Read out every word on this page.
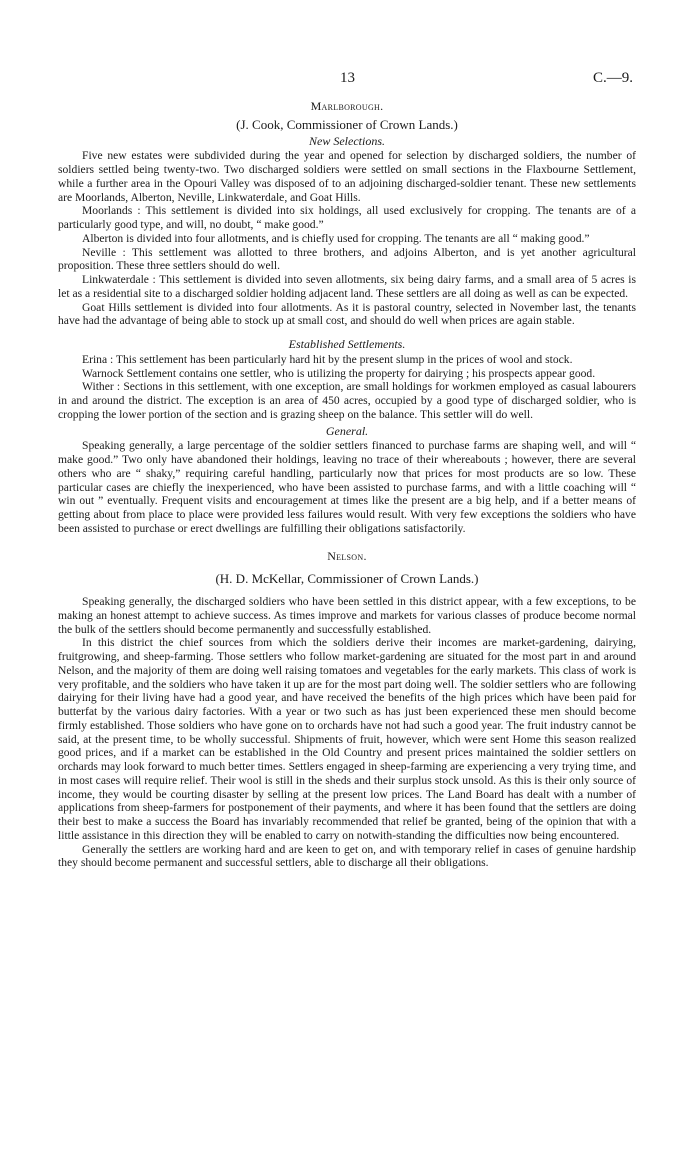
13	C.—9.
Marlborough.
(J. Cook, Commissioner of Crown Lands.)
New Selections.

Five new estates were subdivided during the year and opened for selection by discharged soldiers, the number of soldiers settled being twenty-two. Two discharged soldiers were settled on small sections in the Flaxbourne Settlement, while a further area in the Opouri Valley was disposed of to an adjoining discharged-soldier tenant. These new settlements are Moorlands, Alberton, Neville, Linkwaterdale, and Goat Hills.

Moorlands : This settlement is divided into six holdings, all used exclusively for cropping. The tenants are of a particularly good type, and will, no doubt, “ make good.”

Alberton is divided into four allotments, and is chiefly used for cropping. The tenants are all “ making good.”

Neville : This settlement was allotted to three brothers, and adjoins Alberton, and is yet another agricultural proposition. These three settlers should do well.

Linkwaterdale : This settlement is divided into seven allotments, six being dairy farms, and a small area of 5 acres is let as a residential site to a discharged soldier holding adjacent land. These settlers are all doing as well as can be expected.

Goat Hills settlement is divided into four allotments. As it is pastoral country, selected in November last, the tenants have had the advantage of being able to stock up at small cost, and should do well when prices are again stable.

Established Settlements.

Erina : This settlement has been particularly hard hit by the present slump in the prices of wool and stock.

Warnock Settlement contains one settler, who is utilizing the property for dairying ; his prospects appear good.

Wither : Sections in this settlement, with one exception, are small holdings for workmen employed as casual labourers in and around the district. The exception is an area of 450 acres, occupied by a good type of discharged soldier, who is cropping the lower portion of the section and is grazing sheep on the balance. This settler will do well.

General.

Speaking generally, a large percentage of the soldier settlers financed to purchase farms are shaping well, and will “ make good.” Two only have abandoned their holdings, leaving no trace of their whereabouts ; however, there are several others who are “ shaky,” requiring careful handling, particularly now that prices for most products are so low. These particular cases are chiefly the inexperienced, who have been assisted to purchase farms, and with a little coaching will “ win out ” eventually. Frequent visits and encouragement at times like the present are a big help, and if a better means of getting about from place to place were provided less failures would result. With very few exceptions the soldiers who have been assisted to purchase or erect dwellings are fulfilling their obligations satisfactorily.

Nelson.
(H. D. McKellar, Commissioner of Crown Lands.)

Speaking generally, the discharged soldiers who have been settled in this district appear, with a few exceptions, to be making an honest attempt to achieve success. As times improve and markets for various classes of produce become normal the bulk of the settlers should become permanently and successfully established.

In this district the chief sources from which the soldiers derive their incomes are market-gardening, dairying, fruitgrowing, and sheep-farming. Those settlers who follow market-gardening are situated for the most part in and around Nelson, and the majority of them are doing well raising tomatoes and vegetables for the early markets. This class of work is very profitable, and the soldiers who have taken it up are for the most part doing well. The soldier settlers who are following dairying for their living have had a good year, and have received the benefits of the high prices which have been paid for butterfat by the various dairy factories. With a year or two such as has just been experienced these men should become firmly established. Those soldiers who have gone on to orchards have not had such a good year. The fruit industry cannot be said, at the present time, to be wholly successful. Shipments of fruit, however, which were sent Home this season realized good prices, and if a market can be established in the Old Country and present prices maintained the soldier settlers on orchards may look forward to much better times. Settlers engaged in sheep-farming are experiencing a very trying time, and in most cases will require relief. Their wool is still in the sheds and their surplus stock unsold. As this is their only source of income, they would be courting disaster by selling at the present low prices. The Land Board has dealt with a number of applications from sheep-farmers for postponement of their payments, and where it has been found that the settlers are doing their best to make a success the Board has invariably recommended that relief be granted, being of the opinion that with a little assistance in this direction they will be enabled to carry on notwith-standing the difficulties now being encountered.

Generally the settlers are working hard and are keen to get on, and with temporary relief in cases of genuine hardship they should become permanent and successful settlers, able to discharge all their obligations.
